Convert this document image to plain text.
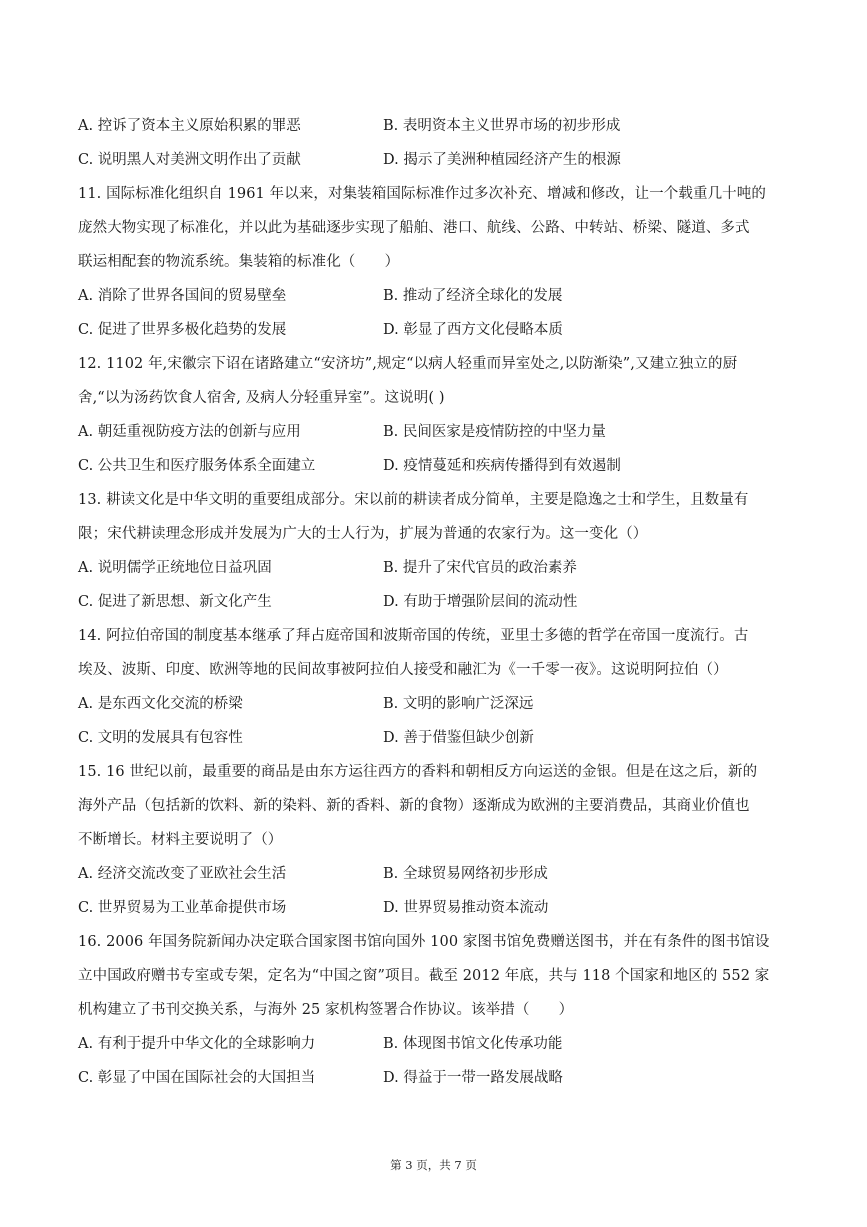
A. 控诉了资本主义原始积累的罪恶	B. 表明资本主义世界市场的初步形成
C. 说明黑人对美洲文明作出了贡献	D. 揭示了美洲种植园经济产生的根源
11. 国际标准化组织自 1961 年以来，对集装箱国际标准作过多次补充、增减和修改，让一个载重几十吨的
庞然大物实现了标准化，并以此为基础逐步实现了船舶、港口、航线、公路、中转站、桥梁、隧道、多式
联运相配套的物流系统。集装箱的标准化（　　）
A. 消除了世界各国间的贸易壁垒	B. 推动了经济全球化的发展
C. 促进了世界多极化趋势的发展	D. 彰显了西方文化侵略本质
12. 1102 年,宋徽宗下诏在诸路建立“安济坊”,规定“以病人轻重而异室处之,以防渐染”,又建立独立的厨
舍,“以为汤药饮食人宿舍, 及病人分轻重异室”。这说明( )
A. 朝廷重视防疫方法的创新与应用	B. 民间医家是疫情防控的中坚力量
C. 公共卫生和医疗服务体系全面建立	D. 疫情蔓延和疾病传播得到有效遏制
13. 耕读文化是中华文明的重要组成部分。宋以前的耕读者成分简单，主要是隐逸之士和学生，且数量有
限；宋代耕读理念形成并发展为广大的士人行为，扩展为普通的农家行为。这一变化（）
A. 说明儒学正统地位日益巩固	B. 提升了宋代官员的政治素养
C. 促进了新思想、新文化产生	D. 有助于增强阶层间的流动性
14. 阿拉伯帝国的制度基本继承了拜占庭帝国和波斯帝国的传统，亚里士多德的哲学在帝国一度流行。古
埃及、波斯、印度、欧洲等地的民间故事被阿拉伯人接受和融汇为《一千零一夜》。这说明阿拉伯（）
A. 是东西文化交流的桥梁	B. 文明的影响广泛深远
C. 文明的发展具有包容性	D. 善于借鉴但缺少创新
15. 16 世纪以前，最重要的商品是由东方运往西方的香料和朝相反方向运送的金银。但是在这之后，新的
海外产品（包括新的饮料、新的染料、新的香料、新的食物）逐渐成为欧洲的主要消费品，其商业价值也
不断增长。材料主要说明了（）
A. 经济交流改变了亚欧社会生活	B. 全球贸易网络初步形成
C. 世界贸易为工业革命提供市场	D. 世界贸易推动资本流动
16. 2006 年国务院新闻办决定联合国家图书馆向国外 100 家图书馆免费赠送图书，并在有条件的图书馆设
立中国政府赠书专室或专架，定名为“中国之窗”项目。截至 2012 年底，共与 118 个国家和地区的 552 家
机构建立了书刊交换关系，与海外 25 家机构签署合作协议。该举措（　　）
A. 有利于提升中华文化的全球影响力	B. 体现图书馆文化传承功能
C. 彰显了中国在国际社会的大国担当	D. 得益于一带一路发展战略
第 3 页，共 7 页
